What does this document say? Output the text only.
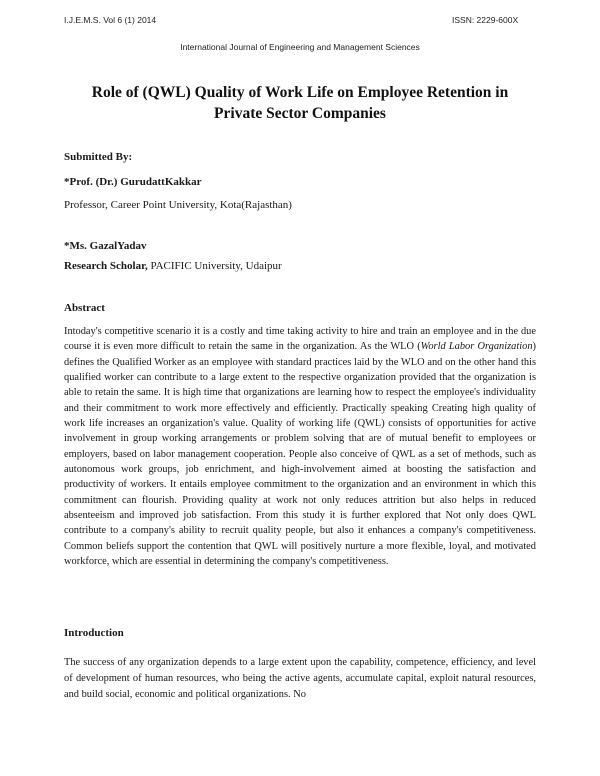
I.J.E.M.S. Vol 6 (1) 2014	ISSN: 2229-600X
International Journal of Engineering and Management Sciences
Role of (QWL) Quality of Work Life on Employee Retention in Private Sector Companies
Submitted By:
*Prof. (Dr.) GurudattKakkar
Professor, Career Point University, Kota(Rajasthan)
*Ms. GazalYadav
Research Scholar, PACIFIC University, Udaipur
Abstract

Intoday's competitive scenario it is a costly and time taking activity to hire and train an employee and in the due course it is even more difficult to retain the same in the organization. As the WLO (World Labor Organization) defines the Qualified Worker as an employee with standard practices laid by the WLO and on the other hand this qualified worker can contribute to a large extent to the respective organization provided that the organization is able to retain the same. It is high time that organizations are learning how to respect the employee's individuality and their commitment to work more effectively and efficiently. Practically speaking Creating high quality of work life increases an organization's value. Quality of working life (QWL) consists of opportunities for active involvement in group working arrangements or problem solving that are of mutual benefit to employees or employers, based on labor management cooperation. People also conceive of QWL as a set of methods, such as autonomous work groups, job enrichment, and high-involvement aimed at boosting the satisfaction and productivity of workers. It entails employee commitment to the organization and an environment in which this commitment can flourish. Providing quality at work not only reduces attrition but also helps in reduced absenteeism and improved job satisfaction. From this study it is further explored that Not only does QWL contribute to a company's ability to recruit quality people, but also it enhances a company's competitiveness. Common beliefs support the contention that QWL will positively nurture a more flexible, loyal, and motivated workforce, which are essential in determining the company's competitiveness.

Introduction

The success of any organization depends to a large extent upon the capability, competence, efficiency, and level of development of human resources, who being the active agents, accumulate capital, exploit natural resources, and build social, economic and political organizations. No
